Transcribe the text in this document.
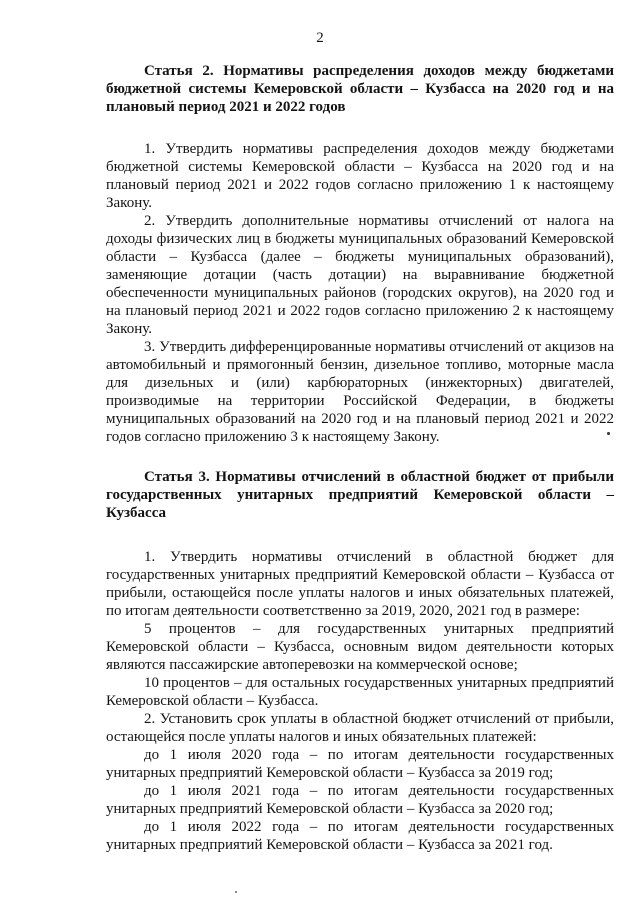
2

Статья 2. Нормативы распределения доходов между бюджетами бюджетной системы Кемеровской области – Кузбасса на 2020 год и на плановый период 2021 и 2022 годов

1. Утвердить нормативы распределения доходов между бюджетами бюджетной системы Кемеровской области – Кузбасса на 2020 год и на плановый период 2021 и 2022 годов согласно приложению 1 к настоящему Закону.

2. Утвердить дополнительные нормативы отчислений от налога на доходы физических лиц в бюджеты муниципальных образований Кемеровской области – Кузбасса (далее – бюджеты муниципальных образований), заменяющие дотации (часть дотации) на выравнивание бюджетной обеспеченности муниципальных районов (городских округов), на 2020 год и на плановый период 2021 и 2022 годов согласно приложению 2 к настоящему Закону.

3. Утвердить дифференцированные нормативы отчислений от акцизов на автомобильный и прямогонный бензин, дизельное топливо, моторные масла для дизельных и (или) карбюраторных (инжекторных) двигателей, производимые на территории Российской Федерации, в бюджеты муниципальных образований на 2020 год и на плановый период 2021 и 2022 годов согласно приложению 3 к настоящему Закону.

Статья 3. Нормативы отчислений в областной бюджет от прибыли государственных унитарных предприятий Кемеровской области – Кузбасса

1. Утвердить нормативы отчислений в областной бюджет для государственных унитарных предприятий Кемеровской области – Кузбасса от прибыли, остающейся после уплаты налогов и иных обязательных платежей, по итогам деятельности соответственно за 2019, 2020, 2021 год в размере:

5 процентов – для государственных унитарных предприятий Кемеровской области – Кузбасса, основным видом деятельности которых являются пассажирские автоперевозки на коммерческой основе;

10 процентов – для остальных государственных унитарных предприятий Кемеровской области – Кузбасса.

2. Установить срок уплаты в областной бюджет отчислений от прибыли, остающейся после уплаты налогов и иных обязательных платежей:

до 1 июля 2020 года – по итогам деятельности государственных унитарных предприятий Кемеровской области – Кузбасса за 2019 год;

до 1 июля 2021 года – по итогам деятельности государственных унитарных предприятий Кемеровской области – Кузбасса за 2020 год;

до 1 июля 2022 года – по итогам деятельности государственных унитарных предприятий Кемеровской области – Кузбасса за 2021 год.
